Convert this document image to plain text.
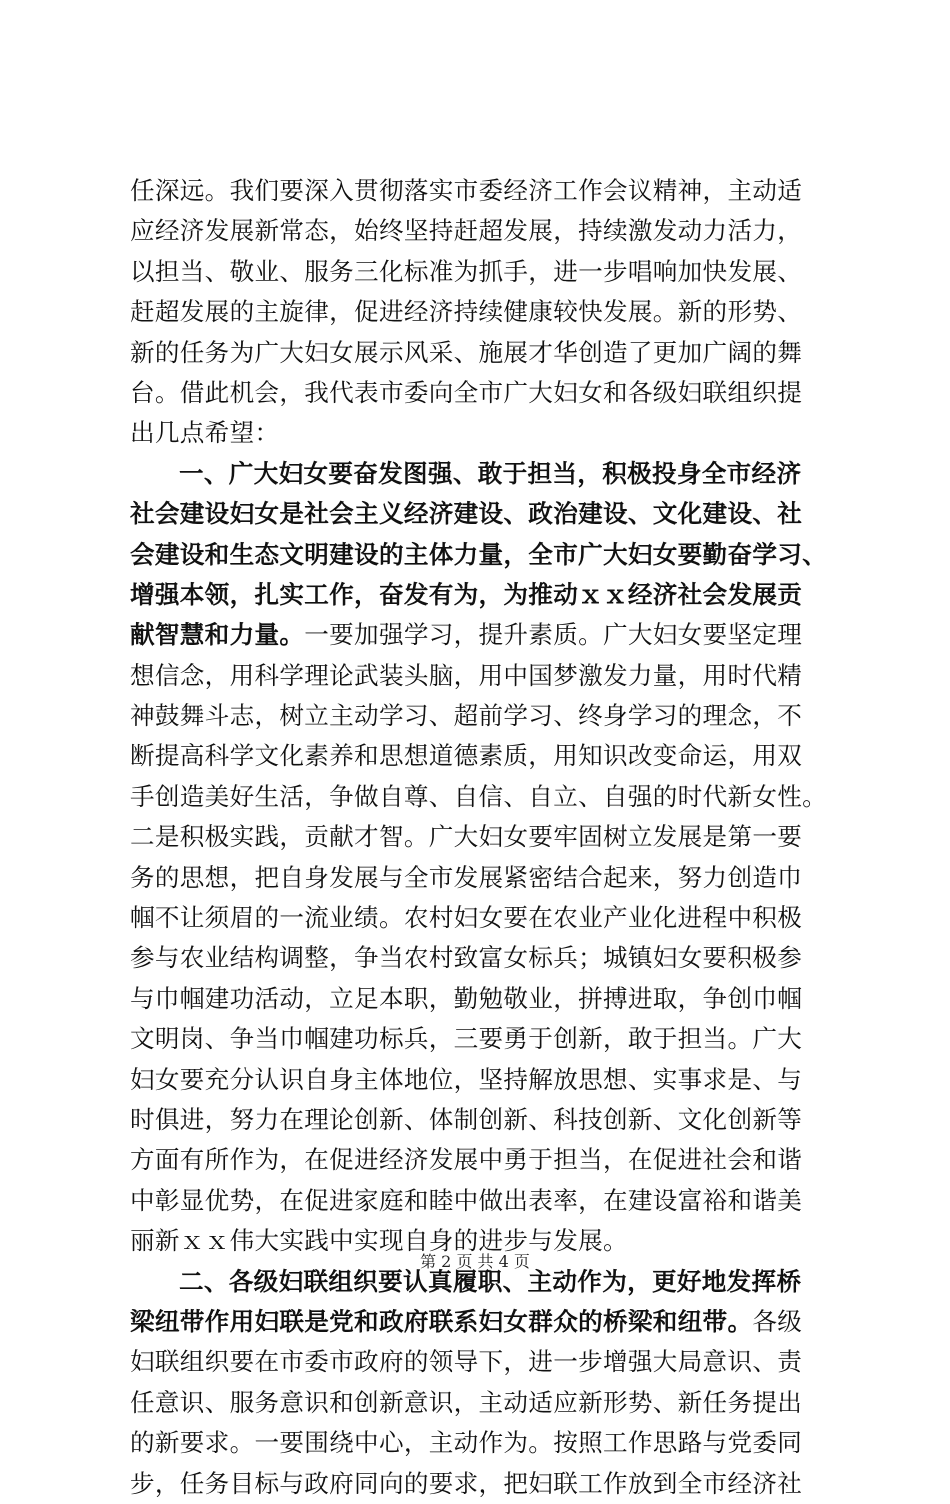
任深远。我们要深入贯彻落实市委经济工作会议精神，主动适
应经济发展新常态，始终坚持赶超发展，持续激发动力活力，
以担当、敬业、服务三化标准为抓手，进一步唱响加快发展、
赶超发展的主旋律，促进经济持续健康较快发展。新的形势、
新的任务为广大妇女展示风采、施展才华创造了更加广阔的舞
台。借此机会，我代表市委向全市广大妇女和各级妇联组织提
出几点希望：
一、广大妇女要奋发图强、敢于担当，积极投身全市经济
社会建设妇女是社会主义经济建设、政治建设、文化建设、社
会建设和生态文明建设的主体力量，全市广大妇女要勤奋学习、
增强本领，扎实工作，奋发有为，为推动ｘｘ经济社会发展贡
献智慧和力量。一要加强学习，提升素质。广大妇女要坚定理
想信念，用科学理论武装头脑，用中国梦激发力量，用时代精
神鼓舞斗志，树立主动学习、超前学习、终身学习的理念，不
断提高科学文化素养和思想道德素质，用知识改变命运，用双
手创造美好生活，争做自尊、自信、自立、自强的时代新女性。
二是积极实践，贡献才智。广大妇女要牢固树立发展是第一要
务的思想，把自身发展与全市发展紧密结合起来，努力创造巾
帼不让须眉的一流业绩。农村妇女要在农业产业化进程中积极
参与农业结构调整，争当农村致富女标兵；城镇妇女要积极参
与巾帼建功活动，立足本职，勤勉敬业，拼搏进取，争创巾帼
文明岗、争当巾帼建功标兵，三要勇于创新，敢于担当。广大
妇女要充分认识自身主体地位，坚持解放思想、实事求是、与
时俱进，努力在理论创新、体制创新、科技创新、文化创新等
方面有所作为，在促进经济发展中勇于担当，在促进社会和谐
中彰显优势，在促进家庭和睦中做出表率，在建设富裕和谐美
丽新ｘｘ伟大实践中实现自身的进步与发展。
二、各级妇联组织要认真履职、主动作为，更好地发挥桥
梁纽带作用妇联是党和政府联系妇女群众的桥梁和纽带。各级
妇联组织要在市委市政府的领导下，进一步增强大局意识、责
任意识、服务意识和创新意识，主动适应新形势、新任务提出
的新要求。一要围绕中心，主动作为。按照工作思路与党委同
步，任务目标与政府同向的要求，把妇联工作放到全市经济社
第 2 页 共 4 页
